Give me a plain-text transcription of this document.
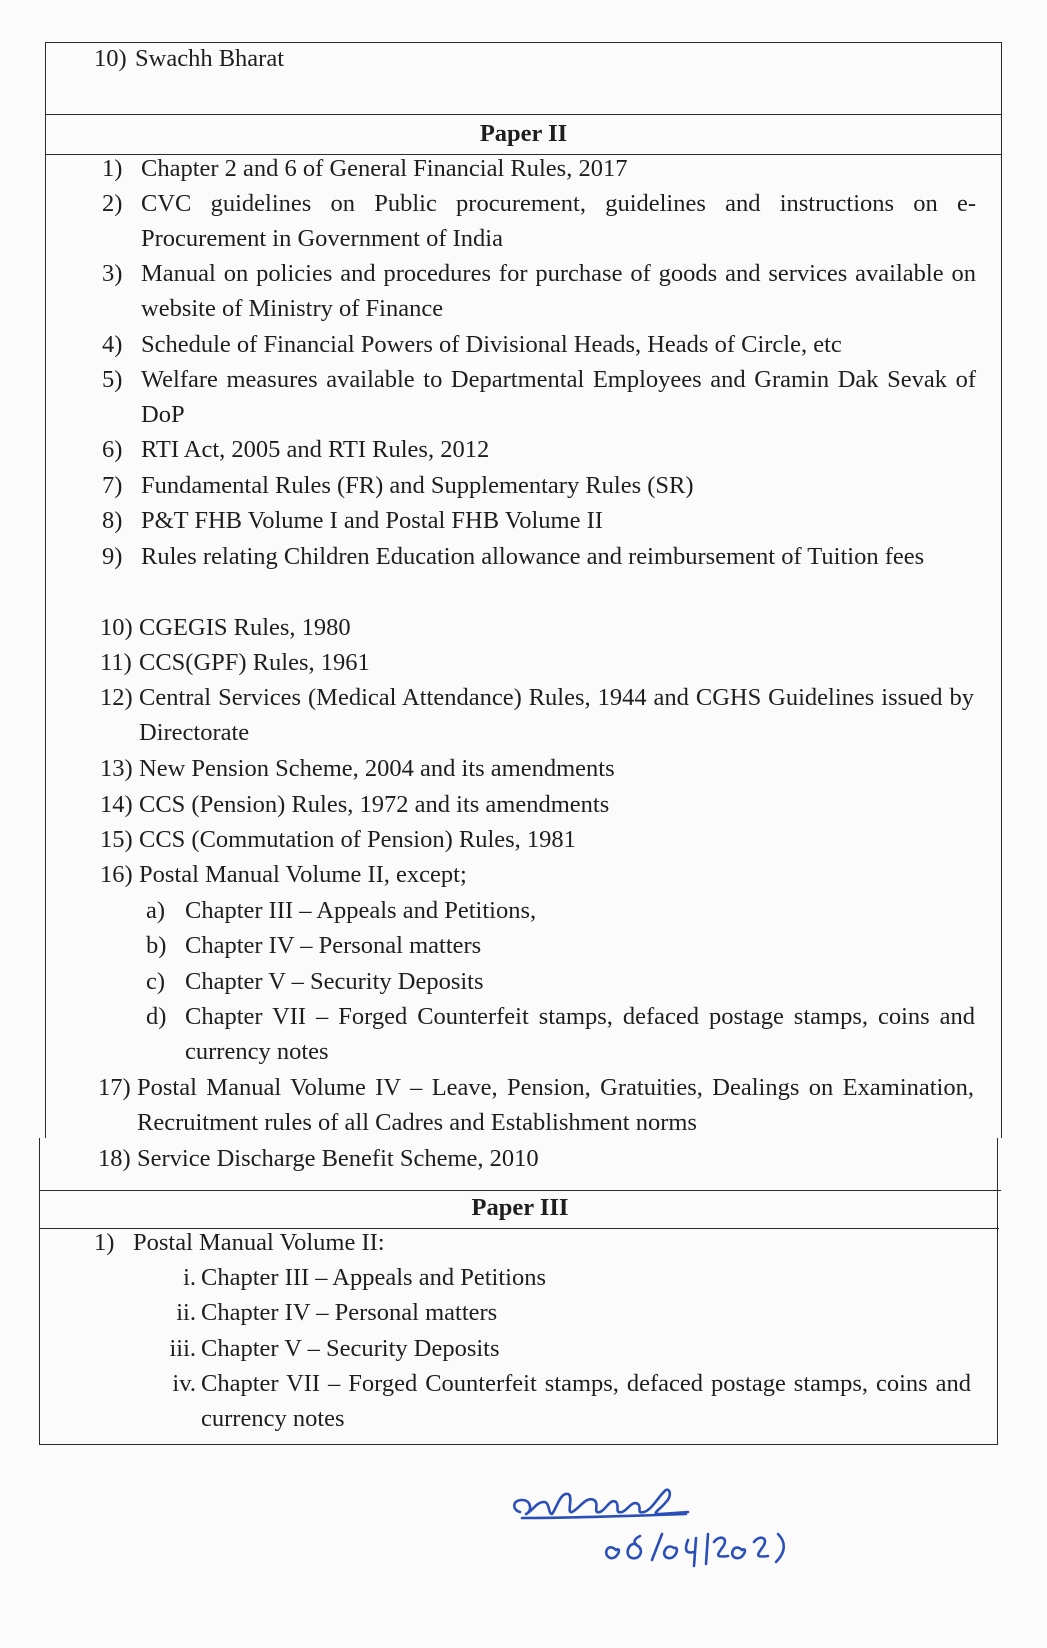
10) Swachh Bharat
Paper II
1) Chapter 2 and 6 of General Financial Rules, 2017
2) CVC guidelines on Public procurement, guidelines and instructions on e-Procurement in Government of India
3) Manual on policies and procedures for purchase of goods and services available on website of Ministry of Finance
4) Schedule of Financial Powers of Divisional Heads, Heads of Circle, etc
5) Welfare measures available to Departmental Employees and Gramin Dak Sevak of DoP
6) RTI Act, 2005 and RTI Rules, 2012
7) Fundamental Rules (FR) and Supplementary Rules (SR)
8) P&T FHB Volume I and Postal FHB Volume II
9) Rules relating Children Education allowance and reimbursement of Tuition fees
10) CGEGIS Rules, 1980
11) CCS(GPF) Rules, 1961
12) Central Services (Medical Attendance) Rules, 1944 and CGHS Guidelines issued by Directorate
13) New Pension Scheme, 2004 and its amendments
14) CCS (Pension) Rules, 1972 and its amendments
15) CCS (Commutation of Pension) Rules, 1981
16) Postal Manual Volume II, except;
a) Chapter III – Appeals and Petitions,
b) Chapter IV – Personal matters
c) Chapter V – Security Deposits
d) Chapter VII – Forged Counterfeit stamps, defaced postage stamps, coins and currency notes
17) Postal Manual Volume IV – Leave, Pension, Gratuities, Dealings on Examination, Recruitment rules of all Cadres and Establishment norms
18) Service Discharge Benefit Scheme, 2010
Paper III
1) Postal Manual Volume II:
i. Chapter III – Appeals and Petitions
ii. Chapter IV – Personal matters
iii. Chapter V – Security Deposits
iv. Chapter VII – Forged Counterfeit stamps, defaced postage stamps, coins and currency notes
